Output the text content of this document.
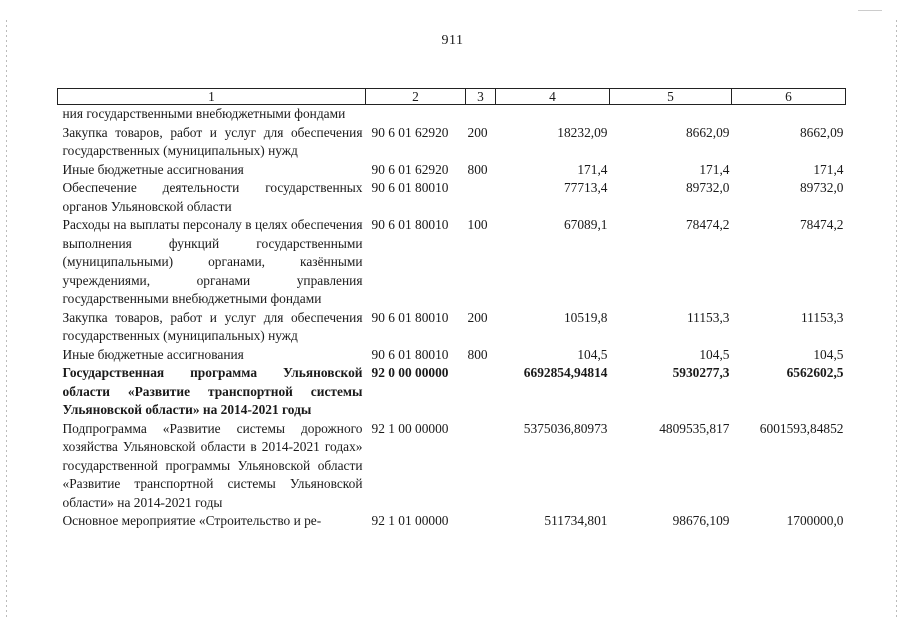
911
1	2	3	4	5	6
ния государственными внебюджетными фондами					
Закупка товаров, работ и услуг для обеспечения государственных (муниципальных) нужд	90 6 01 62920	200	18232,09	8662,09	8662,09
Иные бюджетные ассигнования	90 6 01 62920	800	171,4	171,4	171,4
Обеспечение деятельности государственных органов Ульяновской области	90 6 01 80010		77713,4	89732,0	89732,0
Расходы на выплаты персоналу в целях обеспечения выполнения функций государственными (муниципальными) органами, казёнными учреждениями, органами управления государственными внебюджетными фондами	90 6 01 80010	100	67089,1	78474,2	78474,2
Закупка товаров, работ и услуг для обеспечения государственных (муниципальных) нужд	90 6 01 80010	200	10519,8	11153,3	11153,3
Иные бюджетные ассигнования	90 6 01 80010	800	104,5	104,5	104,5
Государственная программа Ульяновской области «Развитие транспортной системы Ульяновской области» на 2014-2021 годы	92 0 00 00000		6692854,94814	5930277,3	6562602,5
Подпрограмма «Развитие системы дорожного хозяйства Ульяновской области в 2014-2021 годах» государственной программы Ульяновской области «Развитие транспортной системы Ульяновской области» на 2014-2021 годы	92 1 00 00000		5375036,80973	4809535,817	6001593,84852
Основное мероприятие «Строительство и ре-	92 1 01 00000		511734,801	98676,109	1700000,0
